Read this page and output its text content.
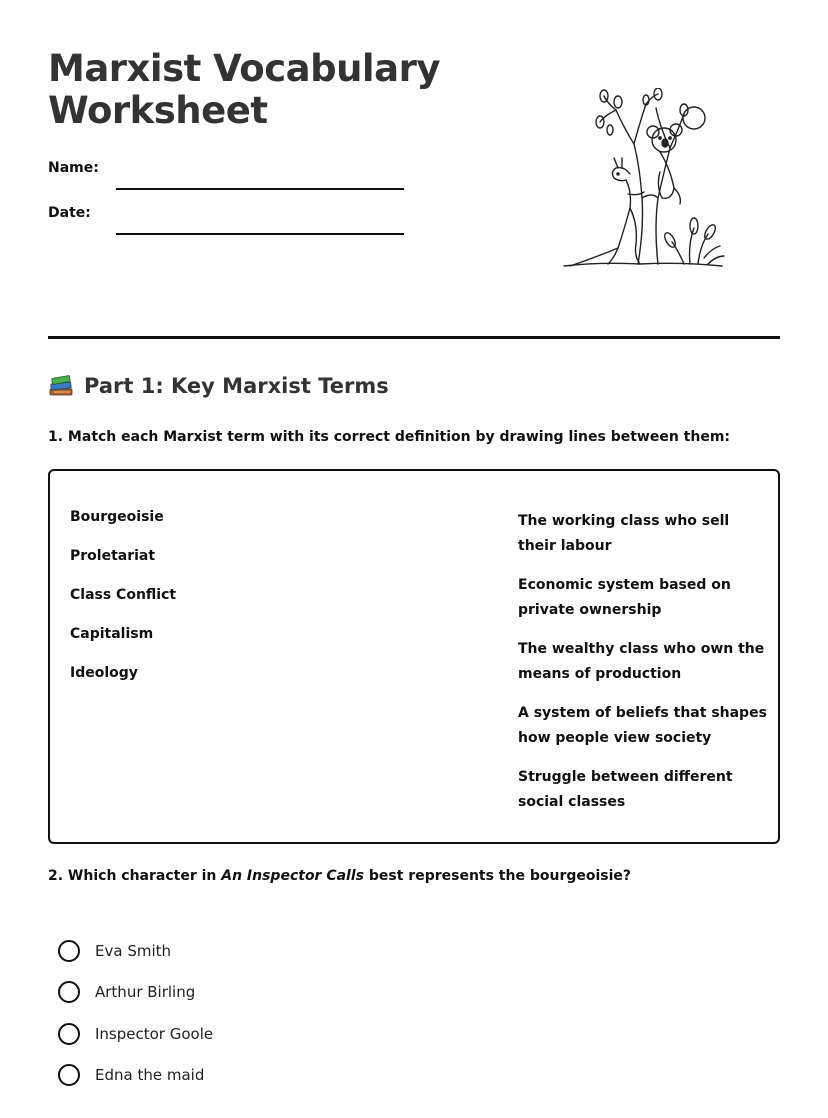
Marxist Vocabulary
Worksheet
Name:
Date:
Part 1: Key Marxist Terms
1. Match each Marxist term with its correct definition by drawing lines between them:
Bourgeoisie
Proletariat
Class Conflict
Capitalism
Ideology
The working class who sell their labour
Economic system based on private ownership
The wealthy class who own the means of production
A system of beliefs that shapes how people view society
Struggle between different social classes
2. Which character in An Inspector Calls best represents the bourgeoisie?
Eva Smith
Arthur Birling
Inspector Goole
Edna the maid
